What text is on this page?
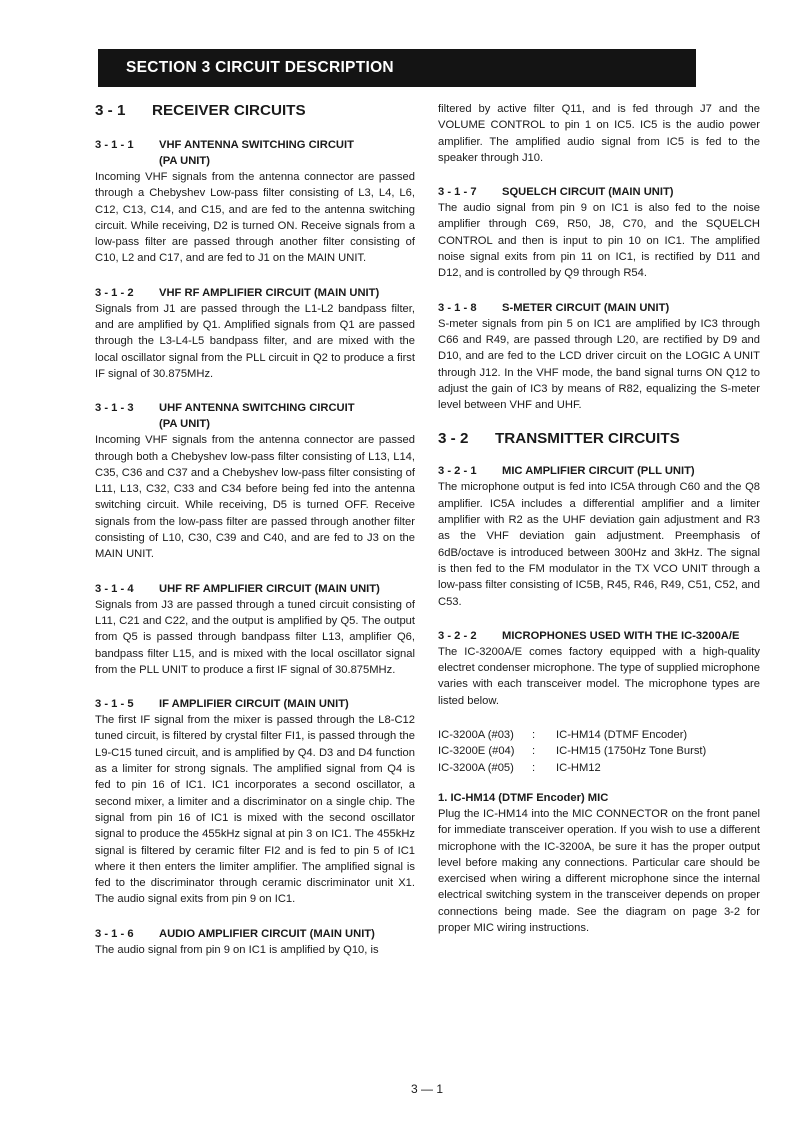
SECTION 3 CIRCUIT DESCRIPTION
3 - 1	RECEIVER CIRCUITS
3 - 1 - 1	VHF ANTENNA SWITCHING CIRCUIT
(PA UNIT)

Incoming VHF signals from the antenna connector are passed through a Chebyshev Low-pass filter consisting of L3, L4, L6, C12, C13, C14, and C15, and are fed to the antenna switching circuit. While receiving, D2 is turned ON. Receive signals from a low-pass filter are passed through another filter consisting of C10, L2 and C17, and are fed to J1 on the MAIN UNIT.

3 - 1 - 2	VHF RF AMPLIFIER CIRCUIT (MAIN UNIT)

Signals from J1 are passed through the L1-L2 bandpass filter, and are amplified by Q1. Amplified signals from Q1 are passed through the L3-L4-L5 bandpass filter, and are mixed with the local oscillator signal from the PLL circuit in Q2 to produce a first IF signal of 30.875MHz.

3 - 1 - 3	UHF ANTENNA SWITCHING CIRCUIT
(PA UNIT)

Incoming VHF signals from the antenna connector are passed through both a Chebyshev low-pass filter consisting of L13, L14, C35, C36 and C37 and a Chebyshev low-pass filter consisting of L11, L13, C32, C33 and C34 before being fed into the antenna switching circuit. While receiving, D5 is turned OFF. Receive signals from the low-pass filter are passed through another filter consisting of L10, C30, C39 and C40, and are fed to J3 on the MAIN UNIT.

3 - 1 - 4	UHF RF AMPLIFIER CIRCUIT (MAIN UNIT)

Signals from J3 are passed through a tuned circuit consisting of L11, C21 and C22, and the output is amplified by Q5. The output from Q5 is passed through bandpass filter L13, amplifier Q6, bandpass filter L15, and is mixed with the local oscillator signal from the PLL UNIT to produce a first IF signal of 30.875MHz.

3 - 1 - 5	IF AMPLIFIER CIRCUIT (MAIN UNIT)

The first IF signal from the mixer is passed through the L8-C12 tuned circuit, is filtered by crystal filter FI1, is passed through the L9-C15 tuned circuit, and is amplified by Q4. D3 and D4 function as a limiter for strong signals. The amplified signal from Q4 is fed to pin 16 of IC1. IC1 incorporates a second oscillator, a second mixer, a limiter and a discriminator on a single chip. The signal from pin 16 of IC1 is mixed with the second oscillator signal to produce the 455kHz signal at pin 3 on IC1. The 455kHz signal is filtered by ceramic filter FI2 and is fed to pin 5 of IC1 where it then enters the limiter amplifier. The amplified signal is fed to the discriminator through ceramic discriminator unit X1. The audio signal exits from pin 9 on IC1.

3 - 1 - 6	AUDIO AMPLIFIER CIRCUIT (MAIN UNIT)

The audio signal from pin 9 on IC1 is amplified by Q10, is

filtered by active filter Q11, and is fed through J7 and the VOLUME CONTROL to pin 1 on IC5. IC5 is the audio power amplifier. The amplified audio signal from IC5 is fed to the speaker through J10.

3 - 1 - 7	SQUELCH CIRCUIT (MAIN UNIT)

The audio signal from pin 9 on IC1 is also fed to the noise amplifier through C69, R50, J8, C70, and the SQUELCH CONTROL and then is input to pin 10 on IC1. The amplified noise signal exits from pin 11 on IC1, is rectified by D11 and D12, and is controlled by Q9 through R54.

3 - 1 - 8	S-METER CIRCUIT (MAIN UNIT)

S-meter signals from pin 5 on IC1 are amplified by IC3 through C66 and R49, are passed through L20, are rectified by D9 and D10, and are fed to the LCD driver circuit on the LOGIC A UNIT through J12. In the VHF mode, the band signal turns ON Q12 to adjust the gain of IC3 by means of R82, equalizing the S-meter level between VHF and UHF.

3 - 2	TRANSMITTER CIRCUITS
3 - 2 - 1	MIC AMPLIFIER CIRCUIT (PLL UNIT)

The microphone output is fed into IC5A through C60 and the Q8 amplifier. IC5A includes a differential amplifier and a limiter amplifier with R2 as the UHF deviation gain adjustment and R3 as the VHF deviation gain adjustment. Preemphasis of 6dB/octave is introduced between 300Hz and 3kHz. The signal is then fed to the FM modulator in the TX VCO UNIT through a low-pass filter consisting of IC5B, R45, R46, R49, C51, C52, and C53.

3 - 2 - 2	MICROPHONES USED WITH THE IC-3200A/E

The IC-3200A/E comes factory equipped with a high-quality electret condenser microphone. The type of supplied microphone varies with each transceiver model. The microphone types are listed below.

IC-3200A (#03)	:	IC-HM14 (DTMF Encoder)
IC-3200E (#04)	:	IC-HM15 (1750Hz Tone Burst)
IC-3200A (#05)	:	IC-HM12
1. IC-HM14 (DTMF Encoder) MIC

Plug the IC-HM14 into the MIC CONNECTOR on the front panel for immediate transceiver operation. If you wish to use a different microphone with the IC-3200A, be sure it has the proper output level before making any connections. Particular care should be exercised when wiring a different microphone since the internal electrical switching system in the transceiver depends on proper connections being made. See the diagram on page 3-2 for proper MIC wiring instructions.

3 — 1
